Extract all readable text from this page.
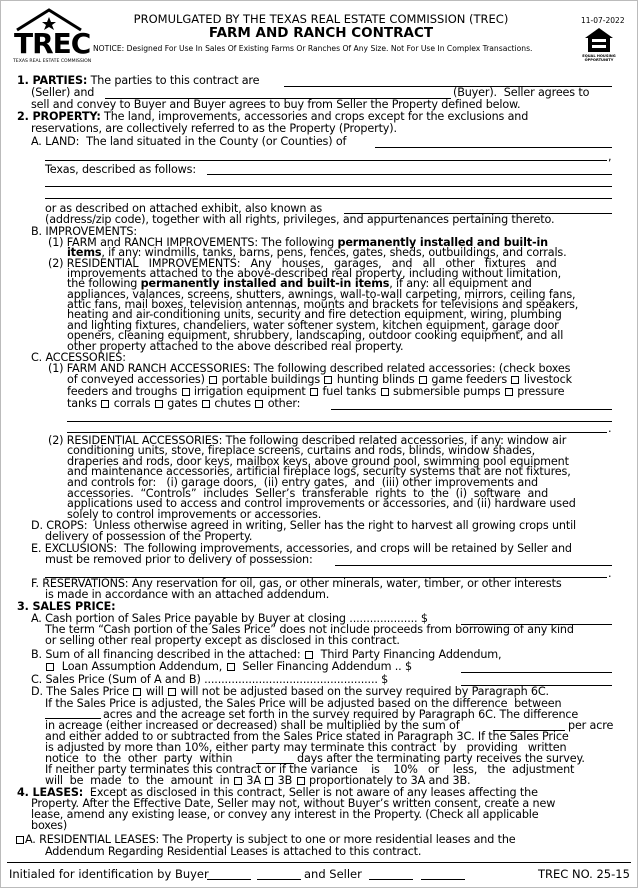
TREC
TEXAS REAL ESTATE COMMISSION
PROMULGATED BY THE TEXAS REAL ESTATE COMMISSION (TREC)
FARM AND RANCH CONTRACT
NOTICE: Designed For Use In Sales Of Existing Farms Or Ranches Of Any Size. Not For Use In Complex Transactions.
11-07-2022
EQUAL HOUSING OPPORTUNITY
1. PARTIES: The parties to this contract are
(Seller) and	(Buyer).  Seller agrees to
sell and convey to Buyer and Buyer agrees to buy from Seller the Property defined below.
2. PROPERTY: The land, improvements, accessories and crops except for the exclusions and
reservations, are collectively referred to as the Property (Property).
A. LAND:  The land situated in the County (or Counties) of
,
Texas, described as follows:
or as described on attached exhibit, also known as
(address/zip code), together with all rights, privileges, and appurtenances pertaining thereto.
B. IMPROVEMENTS:
(1) FARM and RANCH IMPROVEMENTS: The following permanently installed and built-in
items, if any: windmills, tanks, barns, pens, fences, gates, sheds, outbuildings, and corrals.
(2) RESIDENTIAL   IMPROVEMENTS:   Any   houses,   garages,   and   all   other   fixtures   and
improvements attached to the above-described real property, including without limitation,
the following permanently installed and built-in items, if any: all equipment and
appliances, valances, screens, shutters, awnings, wall-to-wall carpeting, mirrors, ceiling fans,
attic fans, mail boxes, television antennas, mounts and brackets for televisions and speakers,
heating and air-conditioning units, security and fire detection equipment, wiring, plumbing
and lighting fixtures, chandeliers, water softener system, kitchen equipment, garage door
openers, cleaning equipment, shrubbery, landscaping, outdoor cooking equipment, and all
other property attached to the above described real property.
C. ACCESSORIES:
(1) FARM AND RANCH ACCESSORIES: The following described related accessories: (check boxes
of conveyed accessories)  portable buildings  hunting blinds  game feeders  livestock
feeders and troughs  irrigation equipment  fuel tanks  submersible pumps  pressure
tanks  corrals  gates  chutes  other:
.
(2) RESIDENTIAL ACCESSORIES: The following described related accessories, if any: window air
conditioning units, stove, fireplace screens, curtains and rods, blinds, window shades,
draperies and rods, door keys, mailbox keys, above ground pool, swimming pool equipment
and maintenance accessories, artificial fireplace logs, security systems that are not fixtures,
and controls for:   (i) garage doors,  (ii) entry gates,  and  (iii) other improvements and
accessories.  “Controls”  includes  Seller’s  transferable  rights  to  the  (i)  software  and
applications used to access and control improvements or accessories, and (ii) hardware used
solely to control improvements or accessories.
D. CROPS:  Unless otherwise agreed in writing, Seller has the right to harvest all growing crops until
delivery of possession of the Property.
E. EXCLUSIONS:  The following improvements, accessories, and crops will be retained by Seller and
must be removed prior to delivery of possession:
.
F. RESERVATIONS: Any reservation for oil, gas, or other minerals, water, timber, or other interests
is made in accordance with an attached addendum.
3. SALES PRICE:
A. Cash portion of Sales Price payable by Buyer at closing .................... $
The term “Cash portion of the Sales Price” does not include proceeds from borrowing of any kind
or selling other real property except as disclosed in this contract.
B. Sum of all financing described in the attached:   Third Party Financing Addendum,
Loan Assumption Addendum,   Seller Financing Addendum .. $
C. Sales Price (Sum of A and B) ................................................... $
D. The Sales Price  will  will not be adjusted based on the survey required by Paragraph 6C.
If the Sales Price is adjusted, the Sales Price will be adjusted based on the difference  between
acres and the acreage set forth in the survey required by Paragraph 6C. The difference
in acreage (either increased or decreased) shall be multiplied by the sum of	per acre
and either added to or subtracted from the Sales Price stated in Paragraph 3C. If the Sales Price
is adjusted by more than 10%, either party may terminate this contract  by   providing   written
notice  to  the  other  party  within	days after the terminating party receives the survey.
If neither party terminates this contract or if the variance    is    10%   or    less,   the  adjustment
will  be  made  to  the  amount  in  3A  3B  proportionately to 3A and 3B.
4. LEASES:  Except as disclosed in this contract, Seller is not aware of any leases affecting the
Property. After the Effective Date, Seller may not, without Buyer’s written consent, create a new
lease, amend any existing lease, or convey any interest in the Property. (Check all applicable
boxes)
A. RESIDENTIAL LEASES: The Property is subject to one or more residential leases and the
Addendum Regarding Residential Leases is attached to this contract.
Initialed for identification by Buyer	and Seller	TREC NO. 25-15
